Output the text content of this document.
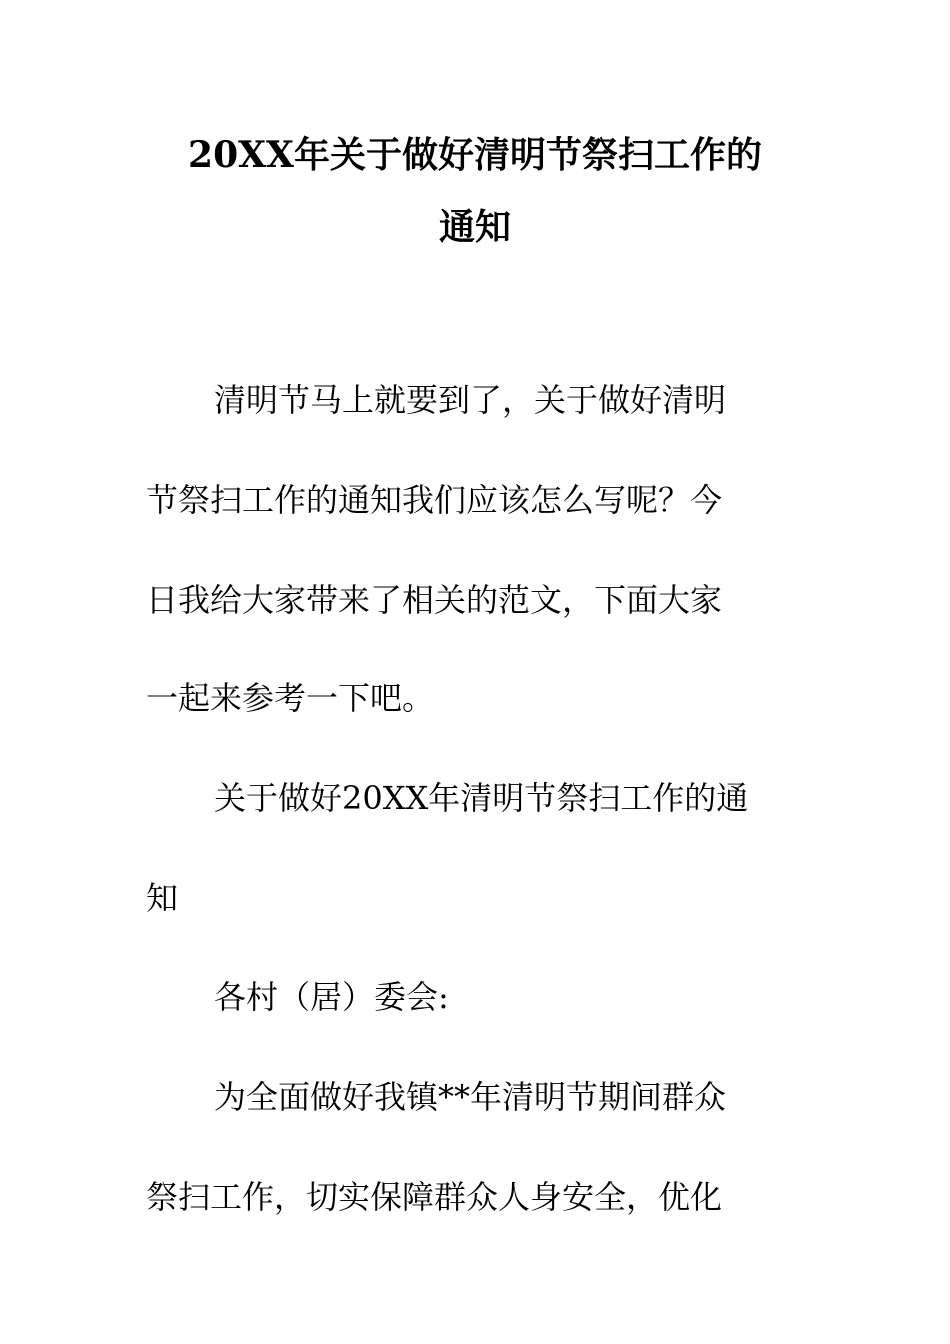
20XX年关于做好清明节祭扫工作的
通知

清明节马上就要到了，关于做好清明

节祭扫工作的通知我们应该怎么写呢？今

日我给大家带来了相关的范文，下面大家

一起来参考一下吧。

关于做好20XX年清明节祭扫工作的通

知

各村（居）委会:

为全面做好我镇**年清明节期间群众

祭扫工作，切实保障群众人身安全，优化
